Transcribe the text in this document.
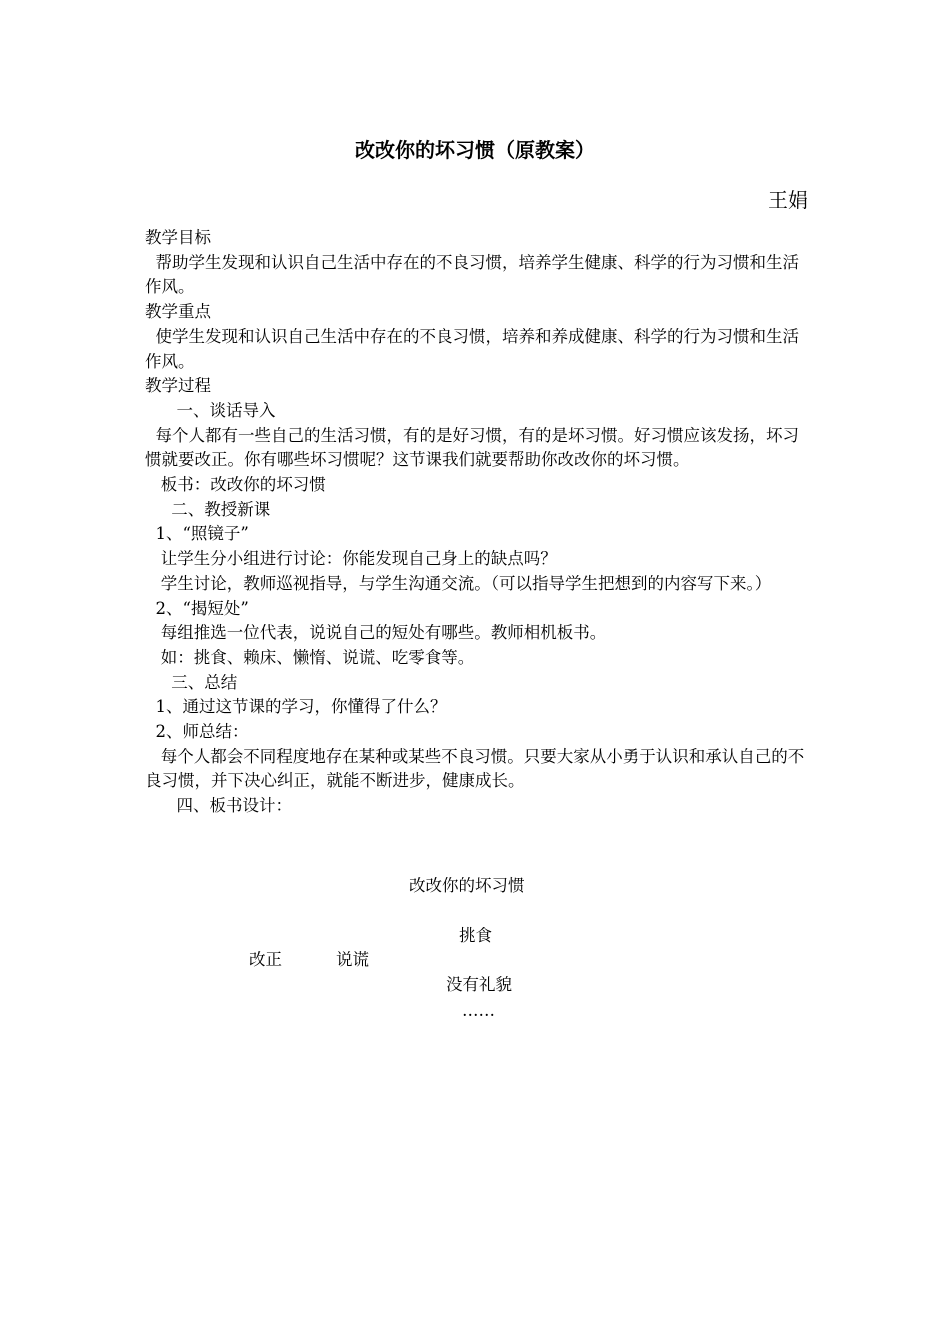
改改你的坏习惯（原教案）
王娟

教学目标

帮助学生发现和认识自己生活中存在的不良习惯，培养学生健康、科学的行为习惯和生活作风。

教学重点

使学生发现和认识自己生活中存在的不良习惯，培养和养成健康、科学的行为习惯和生活作风。

教学过程

一、谈话导入

每个人都有一些自己的生活习惯，有的是好习惯，有的是坏习惯。好习惯应该发扬，坏习惯就要改正。你有哪些坏习惯呢？这节课我们就要帮助你改改你的坏习惯。

板书：改改你的坏习惯

二、教授新课

1、“照镜子”

让学生分小组进行讨论：你能发现自己身上的缺点吗？

学生讨论，教师巡视指导，与学生沟通交流。（可以指导学生把想到的内容写下来。）

2、“揭短处”

每组推选一位代表，说说自己的短处有哪些。教师相机板书。

如：挑食、赖床、懒惰、说谎、吃零食等。

三、总结

1、通过这节课的学习，你懂得了什么？

2、师总结：

每个人都会不同程度地存在某种或某些不良习惯。只要大家从小勇于认识和承认自己的不良习惯，并下决心纠正，就能不断进步，健康成长。

四、板书设计：

改改你的坏习惯
挑食
改正	说谎
没有礼貌
……
